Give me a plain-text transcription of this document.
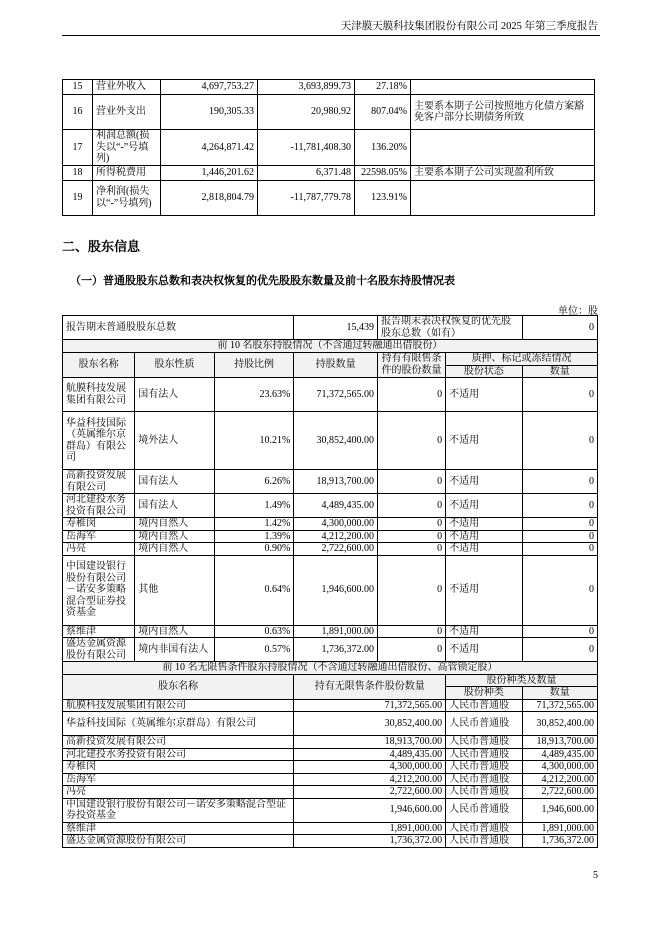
天津膜天膜科技集团股份有限公司 2025 年第三季度报告
15	营业外收入	4,697,753.27	3,693,899.73	27.18%	
16	营业外支出	190,305.33	20,980.92	807.04%	主要系本期子公司按照地方化债方案豁免客户部分长期债务所致
17	利润总额(损失以“-”号填列)	4,264,871.42	-11,781,408.30	136.20%	
18	所得税费用	1,446,201.62	6,371.48	22598.05%	主要系本期子公司实现盈利所致
19	净利润(损失以“-”号填列)	2,818,804.79	-11,787,779.78	123.91%	
二、股东信息
（一）普通股股东总数和表决权恢复的优先股股东数量及前十名股东持股情况表
单位：股
报告期末普通股股东总数			15,439	报告期末表决权恢复的优先股股东总数（如有）		0
前 10 名股东持股情况（不含通过转融通出借股份）						
股东名称	股东性质	持股比例	持股数量	持有有限售条件的股份数量	质押、标记或冻结情况	
					股份状态	数量
航膜科技发展集团有限公司	国有法人	23.63%	71,372,565.00	0	不适用	0
华益科技国际（英属维尔京群岛）有限公司	境外法人	10.21%	30,852,400.00	0	不适用	0
高新投资发展有限公司	国有法人	6.26%	18,913,700.00	0	不适用	0
河北建投水务投资有限公司	国有法人	1.49%	4,489,435.00	0	不适用	0
寿稚闵	境内自然人	1.42%	4,300,000.00	0	不适用	0
岳海军	境内自然人	1.39%	4,212,200.00	0	不适用	0
冯亮	境内自然人	0.90%	2,722,600.00	0	不适用	0
中国建设银行股份有限公司－诺安多策略混合型证券投资基金	其他	0.64%	1,946,600.00	0	不适用	0
蔡维津	境内自然人	0.63%	1,891,000.00	0	不适用	0
盛达金属资源股份有限公司	境内非国有法人	0.57%	1,736,372.00	0	不适用	0
前 10 名无限售条件股东持股情况（不含通过转融通出借股份、高管锁定股）						
股东名称			持有无限售条件股份数量		股份种类及数量	
					股份种类	数量
航膜科技发展集团有限公司			71,372,565.00		人民币普通股	71,372,565.00
华益科技国际（英属维尔京群岛）有限公司			30,852,400.00		人民币普通股	30,852,400.00
高新投资发展有限公司			18,913,700.00		人民币普通股	18,913,700.00
河北建投水务投资有限公司			4,489,435.00		人民币普通股	4,489,435.00
寿稚闵			4,300,000.00		人民币普通股	4,300,000.00
岳海军			4,212,200.00		人民币普通股	4,212,200.00
冯亮			2,722,600.00		人民币普通股	2,722,600.00
中国建设银行股份有限公司－诺安多策略混合型证券投资基金			1,946,600.00		人民币普通股	1,946,600.00
蔡维津			1,891,000.00		人民币普通股	1,891,000.00
盛达金属资源股份有限公司			1,736,372.00		人民币普通股	1,736,372.00
5
